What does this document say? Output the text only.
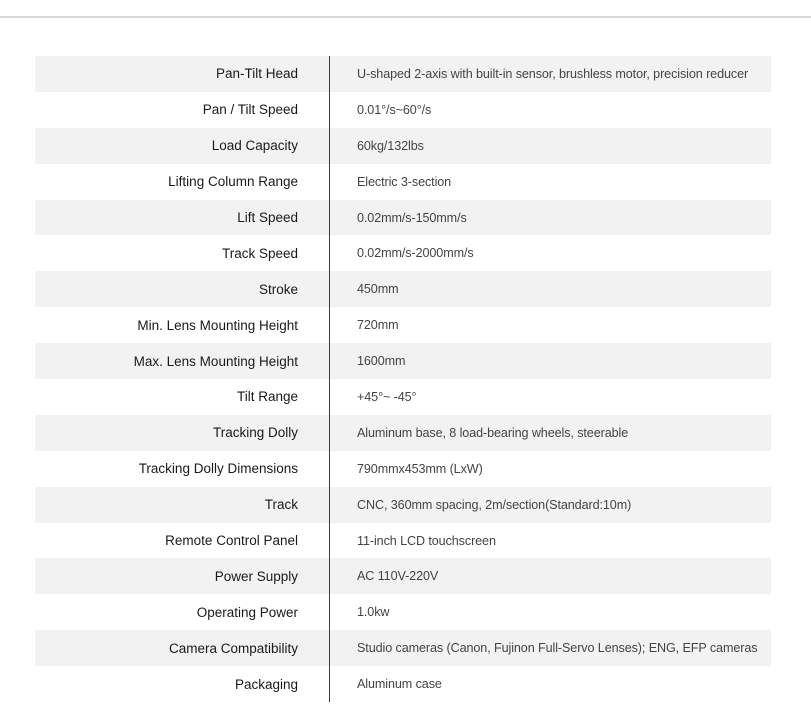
Pan-Tilt Head	U-shaped 2-axis with built-in sensor, brushless motor, precision reducer
Pan / Tilt Speed	0.01°/s~60°/s
Load Capacity	60kg/132lbs
Lifting Column Range	Electric 3-section
Lift Speed	0.02mm/s-150mm/s
Track Speed	0.02mm/s-2000mm/s
Stroke	450mm
Min. Lens Mounting Height	720mm
Max. Lens Mounting Height	1600mm
Tilt Range	+45°~ -45°
Tracking Dolly	Aluminum base, 8 load-bearing wheels, steerable
Tracking Dolly Dimensions	790mmx453mm (LxW)
Track	CNC, 360mm spacing, 2m/section(Standard:10m)
Remote Control Panel	11-inch LCD touchscreen
Power Supply	AC 110V-220V
Operating Power	1.0kw
Camera Compatibility	Studio cameras (Canon, Fujinon Full-Servo Lenses); ENG, EFP cameras
Packaging	Aluminum case
